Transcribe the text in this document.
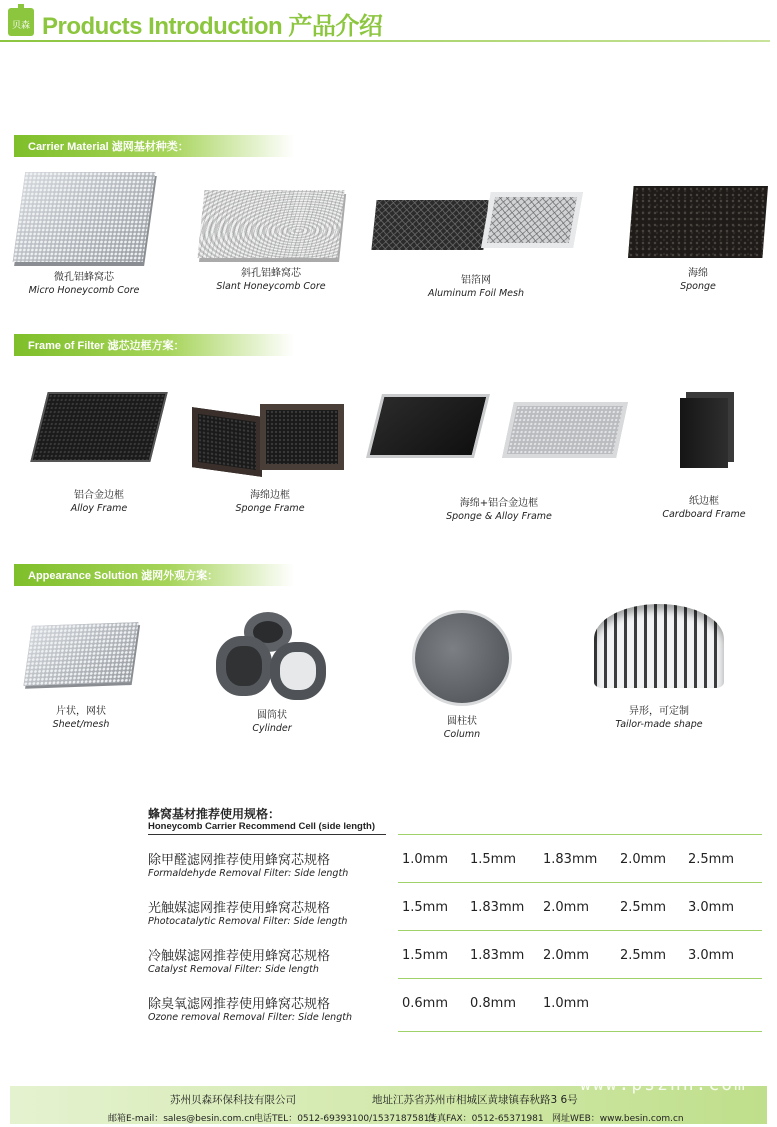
贝森 Products Introduction 产品介绍
Carrier Material 滤网基材种类：
微孔铝蜂窝芯
Micro Honeycomb Core
斜孔铝蜂窝芯
Slant Honeycomb Core
铝箔网
Aluminum Foil Mesh
海绵
Sponge
Frame of Filter 滤芯边框方案：
铝合金边框
Alloy Frame
海绵边框
Sponge Frame	海绵+铝合金边框
Sponge & Alloy Frame
纸边框
Cardboard Frame
Appearance Solution 滤网外观方案：
片状，网状
Sheet/mesh
圆筒状
Cylinder
圆柱状
Column
异形，可定制
Tailor-made shape
蜂窝基材推荐使用规格：
Honeycomb Carrier Recommend Cell (side length)
除甲醛滤网推荐使用蜂窝芯规格
Formaldehyde Removal Filter: Side length
1.0mm	1.5mm	1.83mm	2.0mm	2.5mm
光触媒滤网推荐使用蜂窝芯规格
Photocatalytic Removal Filter: Side length
1.5mm	1.83mm	2.0mm	2.5mm	3.0mm
冷触媒滤网推荐使用蜂窝芯规格
Catalyst Removal Filter: Side length
1.5mm	1.83mm	2.0mm	2.5mm	3.0mm
除臭氧滤网推荐使用蜂窝芯规格
Ozone removal Removal Filter: Side length
0.6mm	0.8mm	1.0mm
www.pszhn.com
苏州贝森环保科技有限公司	地址江苏省苏州市相城区黄埭镇春秋路3 6号
邮箱E-mail：sales@besin.com.cn 电话TEL：0512-69393100/15371875813
传真FAX：0512-65371981 网址WEB：www.besin.com.cn
